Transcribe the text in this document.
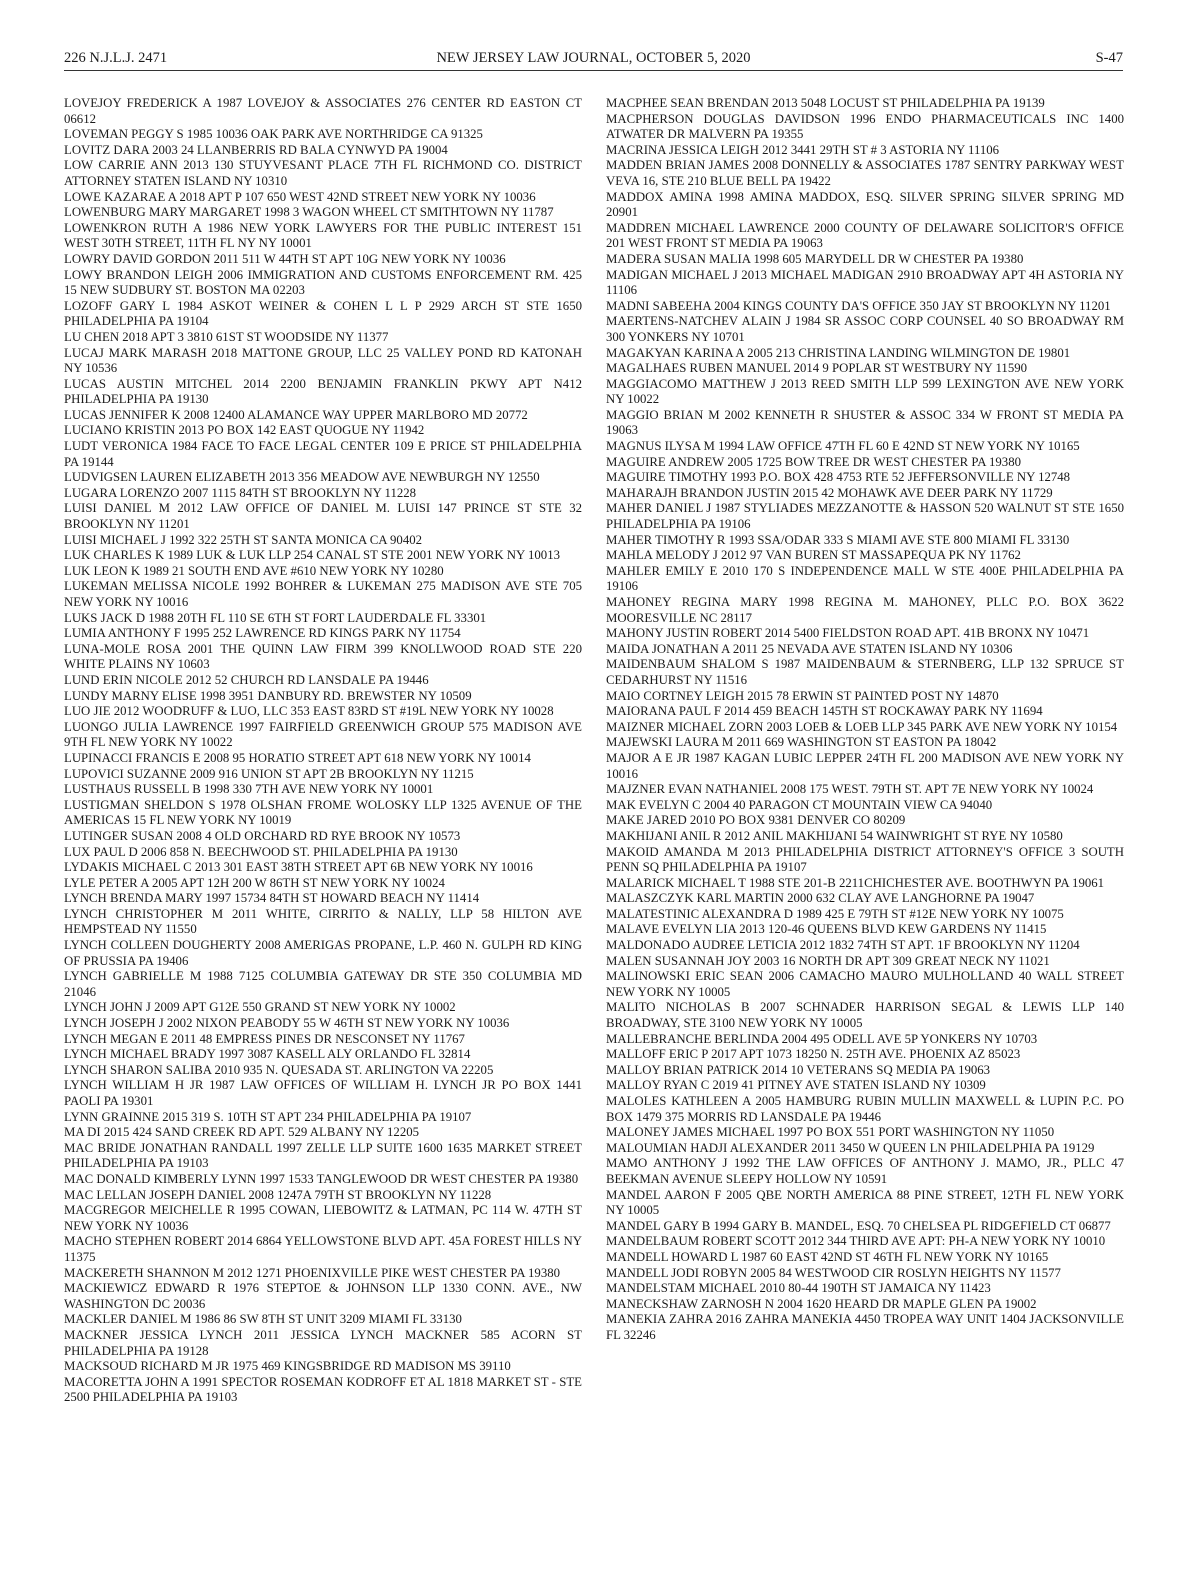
226 N.J.L.J. 2471	NEW JERSEY LAW JOURNAL, OCTOBER 5, 2020	S-47

LOVEJOY FREDERICK A 1987 LOVEJOY & ASSOCIATES 276 CENTER RD EASTON CT 06612

LOVEMAN PEGGY S 1985 10036 OAK PARK AVE NORTHRIDGE CA 91325

LOVITZ DARA 2003 24 LLANBERRIS RD BALA CYNWYD PA 19004

LOW CARRIE ANN 2013 130 STUYVESANT PLACE 7TH FL RICHMOND CO. DISTRICT ATTORNEY STATEN ISLAND NY 10310

LOWE KAZARAE A 2018 APT P 107 650 WEST 42ND STREET NEW YORK NY 10036

LOWENBURG MARY MARGARET 1998 3 WAGON WHEEL CT SMITHTOWN NY 11787

LOWENKRON RUTH A 1986 NEW YORK LAWYERS FOR THE PUBLIC INTEREST 151 WEST 30TH STREET, 11TH FL NY NY 10001

LOWRY DAVID GORDON 2011 511 W 44TH ST APT 10G NEW YORK NY 10036

LOWY BRANDON LEIGH 2006 IMMIGRATION AND CUSTOMS ENFORCEMENT RM. 425 15 NEW SUDBURY ST. BOSTON MA 02203

LOZOFF GARY L 1984 ASKOT WEINER & COHEN L L P 2929 ARCH ST STE 1650 PHILADELPHIA PA 19104

LU CHEN 2018 APT 3 3810 61ST ST WOODSIDE NY 11377

LUCAJ MARK MARASH 2018 MATTONE GROUP, LLC 25 VALLEY POND RD KATONAH NY 10536

LUCAS AUSTIN MITCHEL 2014 2200 BENJAMIN FRANKLIN PKWY APT N412 PHILADELPHIA PA 19130

LUCAS JENNIFER K 2008 12400 ALAMANCE WAY UPPER MARLBORO MD 20772

LUCIANO KRISTIN 2013 PO BOX 142 EAST QUOGUE NY 11942

LUDT VERONICA 1984 FACE TO FACE LEGAL CENTER 109 E PRICE ST PHILADELPHIA PA 19144

LUDVIGSEN LAUREN ELIZABETH 2013 356 MEADOW AVE NEWBURGH NY 12550

LUGARA LORENZO 2007 1115 84TH ST BROOKLYN NY 11228

LUISI DANIEL M 2012 LAW OFFICE OF DANIEL M. LUISI 147 PRINCE ST STE 32 BROOKLYN NY 11201

LUISI MICHAEL J 1992 322 25TH ST SANTA MONICA CA 90402

LUK CHARLES K 1989 LUK & LUK LLP 254 CANAL ST STE 2001 NEW YORK NY 10013

LUK LEON K 1989 21 SOUTH END AVE #610 NEW YORK NY 10280

LUKEMAN MELISSA NICOLE 1992 BOHRER & LUKEMAN 275 MADISON AVE STE 705 NEW YORK NY 10016

LUKS JACK D 1988 20TH FL 110 SE 6TH ST FORT LAUDERDALE FL 33301

LUMIA ANTHONY F 1995 252 LAWRENCE RD KINGS PARK NY 11754

LUNA-MOLE ROSA 2001 THE QUINN LAW FIRM 399 KNOLLWOOD ROAD STE 220 WHITE PLAINS NY 10603

LUND ERIN NICOLE 2012 52 CHURCH RD LANSDALE PA 19446

LUNDY MARNY ELISE 1998 3951 DANBURY RD. BREWSTER NY 10509

LUO JIE 2012 WOODRUFF & LUO, LLC 353 EAST 83RD ST #19L NEW YORK NY 10028

LUONGO JULIA LAWRENCE 1997 FAIRFIELD GREENWICH GROUP 575 MADISON AVE 9TH FL NEW YORK NY 10022

LUPINACCI FRANCIS E 2008 95 HORATIO STREET APT 618 NEW YORK NY 10014

LUPOVICI SUZANNE 2009 916 UNION ST APT 2B BROOKLYN NY 11215

LUSTHAUS RUSSELL B 1998 330 7TH AVE NEW YORK NY 10001

LUSTIGMAN SHELDON S 1978 OLSHAN FROME WOLOSKY LLP 1325 AVENUE OF THE AMERICAS 15 FL NEW YORK NY 10019

LUTINGER SUSAN 2008 4 OLD ORCHARD RD RYE BROOK NY 10573

LUX PAUL D 2006 858 N. BEECHWOOD ST. PHILADELPHIA PA 19130

LYDAKIS MICHAEL C 2013 301 EAST 38TH STREET APT 6B NEW YORK NY 10016

LYLE PETER A 2005 APT 12H 200 W 86TH ST NEW YORK NY 10024

LYNCH BRENDA MARY 1997 15734 84TH ST HOWARD BEACH NY 11414

LYNCH CHRISTOPHER M 2011 WHITE, CIRRITO & NALLY, LLP 58 HILTON AVE HEMPSTEAD NY 11550

LYNCH COLLEEN DOUGHERTY 2008 AMERIGAS PROPANE, L.P. 460 N. GULPH RD KING OF PRUSSIA PA 19406

LYNCH GABRIELLE M 1988 7125 COLUMBIA GATEWAY DR STE 350 COLUMBIA MD 21046

LYNCH JOHN J 2009 APT G12E 550 GRAND ST NEW YORK NY 10002

LYNCH JOSEPH J 2002 NIXON PEABODY 55 W 46TH ST NEW YORK NY 10036

LYNCH MEGAN E 2011 48 EMPRESS PINES DR NESCONSET NY 11767

LYNCH MICHAEL BRADY 1997 3087 KASELL ALY ORLANDO FL 32814

LYNCH SHARON SALIBA 2010 935 N. QUESADA ST. ARLINGTON VA 22205

LYNCH WILLIAM H JR 1987 LAW OFFICES OF WILLIAM H. LYNCH JR PO BOX 1441 PAOLI PA 19301

LYNN GRAINNE 2015 319 S. 10TH ST APT 234 PHILADELPHIA PA 19107

MA DI 2015 424 SAND CREEK RD APT. 529 ALBANY NY 12205

MAC BRIDE JONATHAN RANDALL 1997 ZELLE LLP SUITE 1600 1635 MARKET STREET PHILADELPHIA PA 19103

MAC DONALD KIMBERLY LYNN 1997 1533 TANGLEWOOD DR WEST CHESTER PA 19380

MAC LELLAN JOSEPH DANIEL 2008 1247A 79TH ST BROOKLYN NY 11228

MACGREGOR MEICHELLE R 1995 COWAN, LIEBOWITZ & LATMAN, PC 114 W. 47TH ST NEW YORK NY 10036

MACHO STEPHEN ROBERT 2014 6864 YELLOWSTONE BLVD APT. 45A FOREST HILLS NY 11375

MACKERETH SHANNON M 2012 1271 PHOENIXVILLE PIKE WEST CHESTER PA 19380

MACKIEWICZ EDWARD R 1976 STEPTOE & JOHNSON LLP 1330 CONN. AVE., NW WASHINGTON DC 20036

MACKLER DANIEL M 1986 86 SW 8TH ST UNIT 3209 MIAMI FL 33130

MACKNER JESSICA LYNCH 2011 JESSICA LYNCH MACKNER 585 ACORN ST PHILADELPHIA PA 19128

MACKSOUD RICHARD M JR 1975 469 KINGSBRIDGE RD MADISON MS 39110

MACORETTA JOHN A 1991 SPECTOR ROSEMAN KODROFF ET AL 1818 MARKET ST - STE 2500 PHILADELPHIA PA 19103

MACPHEE SEAN BRENDAN 2013 5048 LOCUST ST PHILADELPHIA PA 19139

MACPHERSON DOUGLAS DAVIDSON 1996 ENDO PHARMACEUTICALS INC 1400 ATWATER DR MALVERN PA 19355

MACRINA JESSICA LEIGH 2012 3441 29TH ST # 3 ASTORIA NY 11106

MADDEN BRIAN JAMES 2008 DONNELLY & ASSOCIATES 1787 SENTRY PARKWAY WEST VEVA 16, STE 210 BLUE BELL PA 19422

MADDOX AMINA 1998 AMINA MADDOX, ESQ. SILVER SPRING SILVER SPRING MD 20901

MADDREN MICHAEL LAWRENCE 2000 COUNTY OF DELAWARE SOLICITOR'S OFFICE 201 WEST FRONT ST MEDIA PA 19063

MADERA SUSAN MALIA 1998 605 MARYDELL DR W CHESTER PA 19380

MADIGAN MICHAEL J 2013 MICHAEL MADIGAN 2910 BROADWAY APT 4H ASTORIA NY 11106

MADNI SABEEHA 2004 KINGS COUNTY DA'S OFFICE 350 JAY ST BROOKLYN NY 11201

MAERTENS-NATCHEV ALAIN J 1984 SR ASSOC CORP COUNSEL 40 SO BROADWAY RM 300 YONKERS NY 10701

MAGAKYAN KARINA A 2005 213 CHRISTINA LANDING WILMINGTON DE 19801

MAGALHAES RUBEN MANUEL 2014 9 POPLAR ST WESTBURY NY 11590

MAGGIACOMO MATTHEW J 2013 REED SMITH LLP 599 LEXINGTON AVE NEW YORK NY 10022

MAGGIO BRIAN M 2002 KENNETH R SHUSTER & ASSOC 334 W FRONT ST MEDIA PA 19063

MAGNUS ILYSA M 1994 LAW OFFICE 47TH FL 60 E 42ND ST NEW YORK NY 10165

MAGUIRE ANDREW 2005 1725 BOW TREE DR WEST CHESTER PA 19380

MAGUIRE TIMOTHY 1993 P.O. BOX 428 4753 RTE 52 JEFFERSONVILLE NY 12748

MAHARAJH BRANDON JUSTIN 2015 42 MOHAWK AVE DEER PARK NY 11729

MAHER DANIEL J 1987 STYLIADES MEZZANOTTE & HASSON 520 WALNUT ST STE 1650 PHILADELPHIA PA 19106

MAHER TIMOTHY R 1993 SSA/ODAR 333 S MIAMI AVE STE 800 MIAMI FL 33130

MAHLA MELODY J 2012 97 VAN BUREN ST MASSAPEQUA PK NY 11762

MAHLER EMILY E 2010 170 S INDEPENDENCE MALL W STE 400E PHILADELPHIA PA 19106

MAHONEY REGINA MARY 1998 REGINA M. MAHONEY, PLLC P.O. BOX 3622 MOORESVILLE NC 28117

MAHONY JUSTIN ROBERT 2014 5400 FIELDSTON ROAD APT. 41B BRONX NY 10471

MAIDA JONATHAN A 2011 25 NEVADA AVE STATEN ISLAND NY 10306

MAIDENBAUM SHALOM S 1987 MAIDENBAUM & STERNBERG, LLP 132 SPRUCE ST CEDARHURST NY 11516

MAIO CORTNEY LEIGH 2015 78 ERWIN ST PAINTED POST NY 14870

MAIORANA PAUL F 2014 459 BEACH 145TH ST ROCKAWAY PARK NY 11694

MAIZNER MICHAEL ZORN 2003 LOEB & LOEB LLP 345 PARK AVE NEW YORK NY 10154

MAJEWSKI LAURA M 2011 669 WASHINGTON ST EASTON PA 18042

MAJOR A E JR 1987 KAGAN LUBIC LEPPER 24TH FL 200 MADISON AVE NEW YORK NY 10016

MAJZNER EVAN NATHANIEL 2008 175 WEST. 79TH ST. APT 7E NEW YORK NY 10024

MAK EVELYN C 2004 40 PARAGON CT MOUNTAIN VIEW CA 94040

MAKE JARED 2010 PO BOX 9381 DENVER CO 80209

MAKHIJANI ANIL R 2012 ANIL MAKHIJANI 54 WAINWRIGHT ST RYE NY 10580

MAKOID AMANDA M 2013 PHILADELPHIA DISTRICT ATTORNEY'S OFFICE 3 SOUTH PENN SQ PHILADELPHIA PA 19107

MALARICK MICHAEL T 1988 STE 201-B 2211CHICHESTER AVE. BOOTHWYN PA 19061

MALASZCZYK KARL MARTIN 2000 632 CLAY AVE LANGHORNE PA 19047

MALATESTINIC ALEXANDRA D 1989 425 E 79TH ST #12E NEW YORK NY 10075

MALAVE EVELYN LIA 2013 120-46 QUEENS BLVD KEW GARDENS NY 11415

MALDONADO AUDREE LETICIA 2012 1832 74TH ST APT. 1F BROOKLYN NY 11204

MALEN SUSANNAH JOY 2003 16 NORTH DR APT 309 GREAT NECK NY 11021

MALINOWSKI ERIC SEAN 2006 CAMACHO MAURO MULHOLLAND 40 WALL STREET NEW YORK NY 10005

MALITO NICHOLAS B 2007 SCHNADER HARRISON SEGAL & LEWIS LLP 140 BROADWAY, STE 3100 NEW YORK NY 10005

MALLEBRANCHE BERLINDA 2004 495 ODELL AVE 5P YONKERS NY 10703

MALLOFF ERIC P 2017 APT 1073 18250 N. 25TH AVE. PHOENIX AZ 85023

MALLOY BRIAN PATRICK 2014 10 VETERANS SQ MEDIA PA 19063

MALLOY RYAN C 2019 41 PITNEY AVE STATEN ISLAND NY 10309

MALOLES KATHLEEN A 2005 HAMBURG RUBIN MULLIN MAXWELL & LUPIN P.C. PO BOX 1479 375 MORRIS RD LANSDALE PA 19446

MALONEY JAMES MICHAEL 1997 PO BOX 551 PORT WASHINGTON NY 11050

MALOUMIAN HADJI ALEXANDER 2011 3450 W QUEEN LN PHILADELPHIA PA 19129

MAMO ANTHONY J 1992 THE LAW OFFICES OF ANTHONY J. MAMO, JR., PLLC 47 BEEKMAN AVENUE SLEEPY HOLLOW NY 10591

MANDEL AARON F 2005 QBE NORTH AMERICA 88 PINE STREET, 12TH FL NEW YORK NY 10005

MANDEL GARY B 1994 GARY B. MANDEL, ESQ. 70 CHELSEA PL RIDGEFIELD CT 06877

MANDELBAUM ROBERT SCOTT 2012 344 THIRD AVE APT: PH-A NEW YORK NY 10010

MANDELL HOWARD L 1987 60 EAST 42ND ST 46TH FL NEW YORK NY 10165

MANDELL JODI ROBYN 2005 84 WESTWOOD CIR ROSLYN HEIGHTS NY 11577

MANDELSTAM MICHAEL 2010 80-44 190TH ST JAMAICA NY 11423

MANECKSHAW ZARNOSH N 2004 1620 HEARD DR MAPLE GLEN PA 19002

MANEKIA ZAHRA 2016 ZAHRA MANEKIA 4450 TROPEA WAY UNIT 1404 JACKSONVILLE FL 32246
